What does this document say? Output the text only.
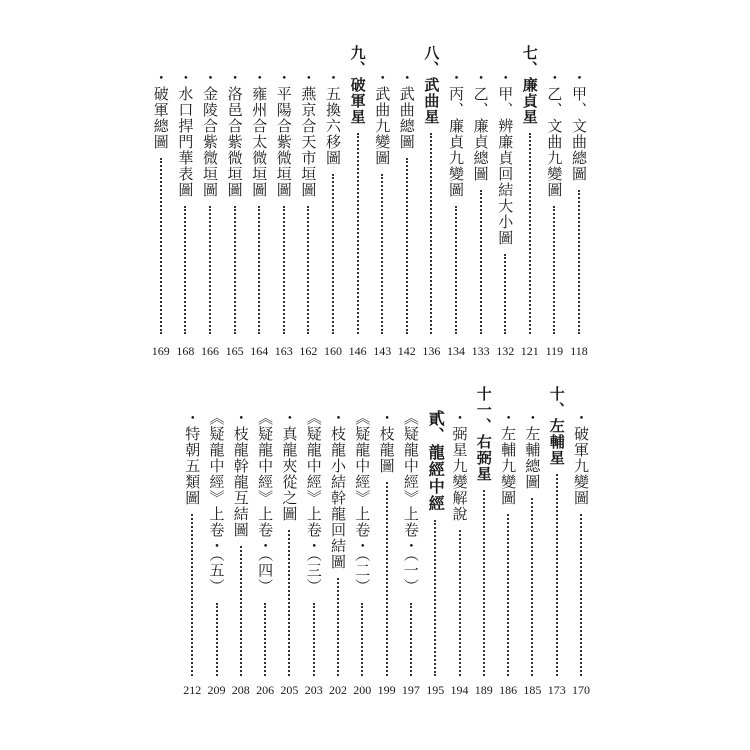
・甲、文曲總圖
118
・乙、文曲九變圖
119
七、廉貞星
121
・甲、辨廉貞回結大小圖
132
・乙、廉貞總圖
133
・丙、廉貞九變圖
134
八、武曲星
136
・武曲總圖
142
・武曲九變圖
143
九、破軍星
146
・五換六移圖
160
・燕京合天市垣圖
162
・平陽合紫微垣圖
163
・雍州合太微垣圖
164
・洛邑合紫微垣圖
165
・金陵合紫微垣圖
166
・水口捍門華表圖
168
・破軍總圖
169
・破軍九變圖
170
十、左輔星
173
・左輔總圖
185
・左輔九變圖
186
十一、右弼星
189
・弼星九變解說
194
貳、龍經中經
195
《疑龍中經》上卷・（一）
197
・枝龍圖
199
《疑龍中經》上卷・（二）
200
・枝龍小結幹龍回結圖
202
《疑龍中經》上卷・（三）
203
・真龍夾從之圖
205
《疑龍中經》上卷・（四）
206
・枝龍幹龍互結圖
208
《疑龍中經》上卷・（五）
209
・特朝五類圖
212
